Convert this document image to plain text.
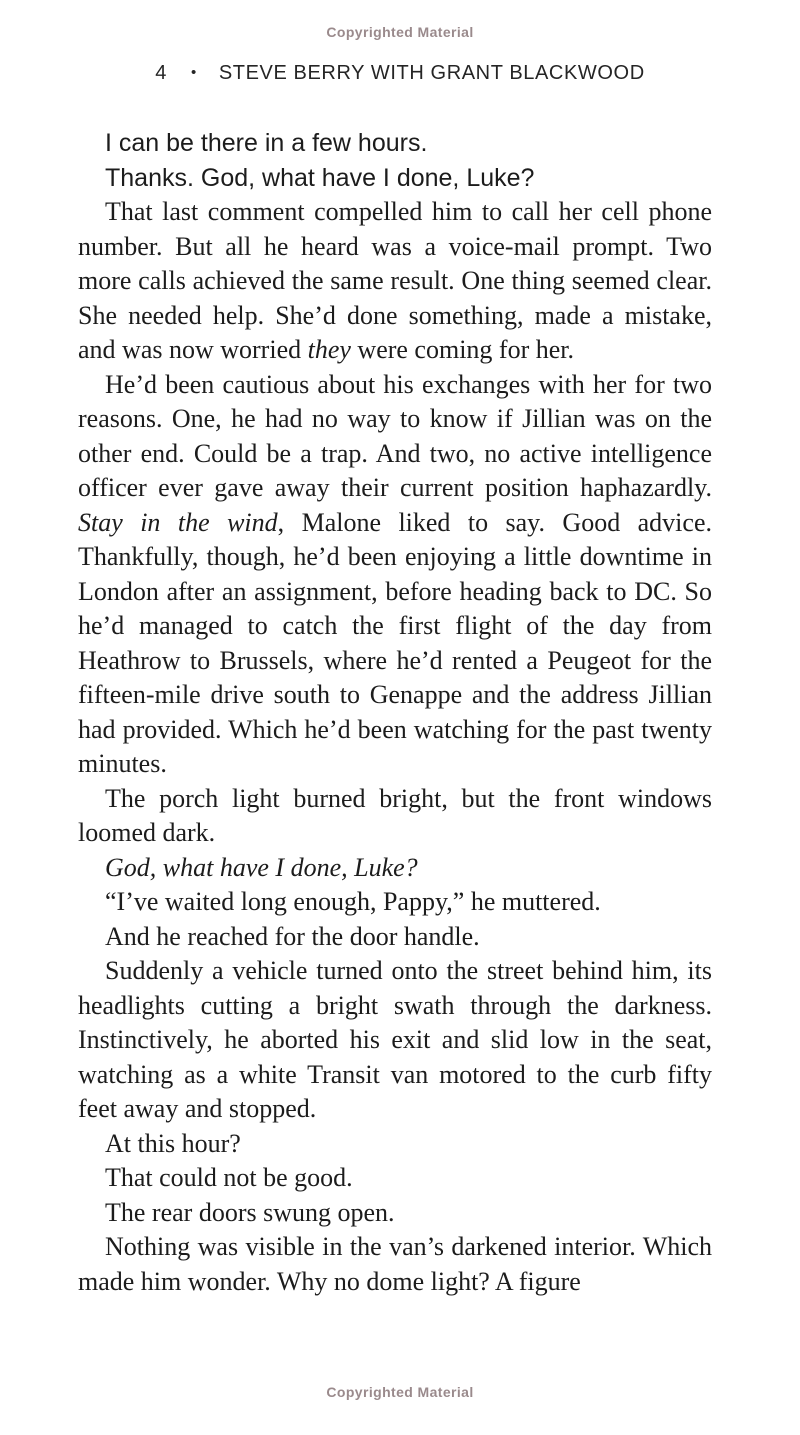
Copyrighted Material
4 • STEVE BERRY WITH GRANT BLACKWOOD

I can be there in a few hours.

Thanks. God, what have I done, Luke?

That last comment compelled him to call her cell phone number. But all he heard was a voice-mail prompt. Two more calls achieved the same result. One thing seemed clear. She needed help. She’d done something, made a mistake, and was now worried they were coming for her.

He’d been cautious about his exchanges with her for two reasons. One, he had no way to know if Jillian was on the other end. Could be a trap. And two, no active intelligence officer ever gave away their current position haphazardly. Stay in the wind, Malone liked to say. Good advice. Thankfully, though, he’d been enjoying a little downtime in London after an assignment, before heading back to DC. So he’d managed to catch the first flight of the day from Heathrow to Brussels, where he’d rented a Peugeot for the fifteen-mile drive south to Genappe and the address Jillian had provided. Which he’d been watching for the past twenty minutes.

The porch light burned bright, but the front windows loomed dark.

God, what have I done, Luke?

“I’ve waited long enough, Pappy,” he muttered.

And he reached for the door handle.

Suddenly a vehicle turned onto the street behind him, its headlights cutting a bright swath through the darkness. Instinctively, he aborted his exit and slid low in the seat, watching as a white Transit van motored to the curb fifty feet away and stopped.

At this hour?

That could not be good.

The rear doors swung open.

Nothing was visible in the van’s darkened interior. Which made him wonder. Why no dome light? A figure

Copyrighted Material
